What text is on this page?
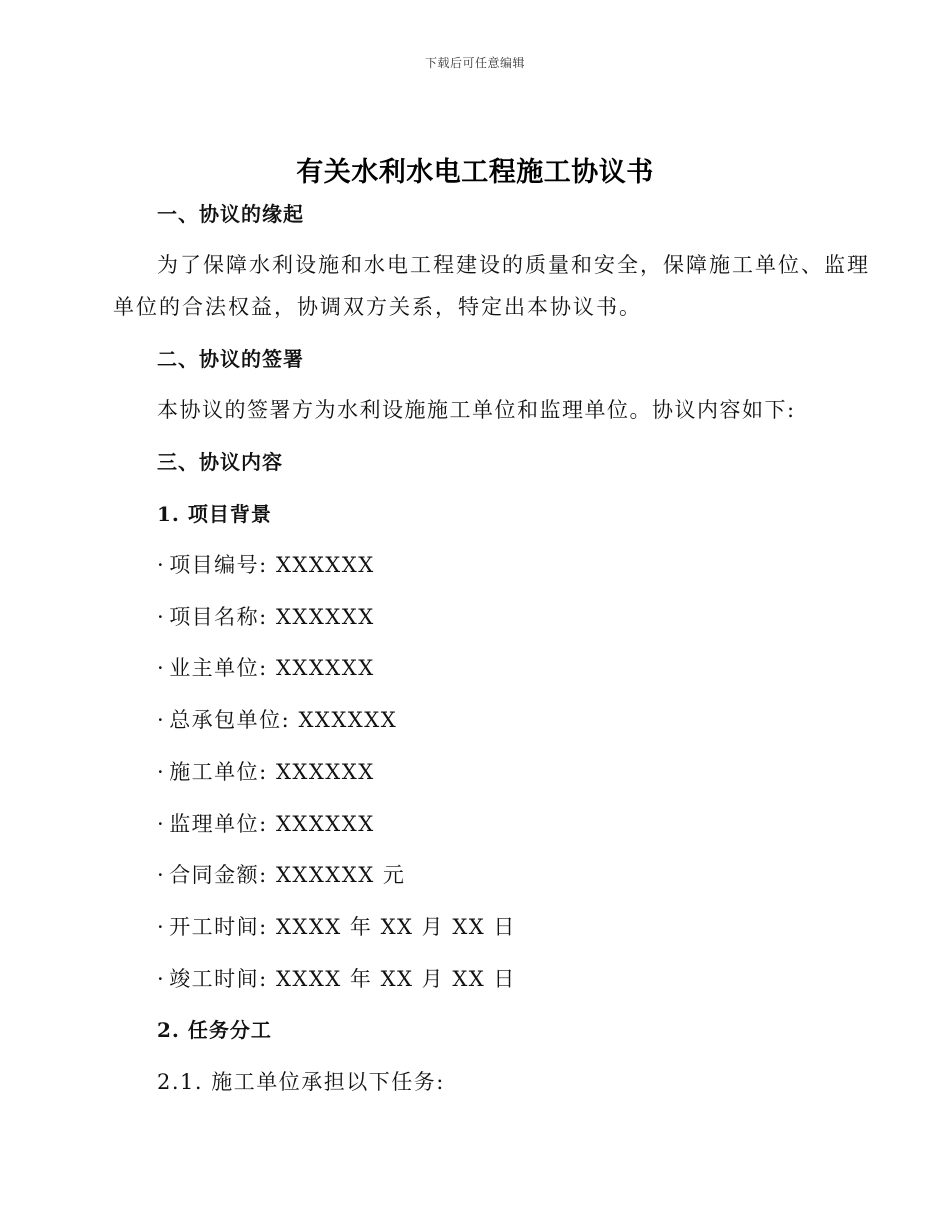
下载后可任意编辑
有关水利水电工程施工协议书
一、协议的缘起
为了保障水利设施和水电工程建设的质量和安全，保障施工单位、监理
单位的合法权益，协调双方关系，特定出本协议书。
二、协议的签署
本协议的签署方为水利设施施工单位和监理单位。协议内容如下:
三、协议内容
1. 项目背景
· 项目编号: XXXXXX
· 项目名称: XXXXXX
· 业主单位: XXXXXX
· 总承包单位: XXXXXX
· 施工单位: XXXXXX
· 监理单位: XXXXXX
· 合同金额: XXXXXX 元
· 开工时间: XXXX 年 XX 月 XX 日
· 竣工时间: XXXX 年 XX 月 XX 日
2. 任务分工
2.1. 施工单位承担以下任务:
